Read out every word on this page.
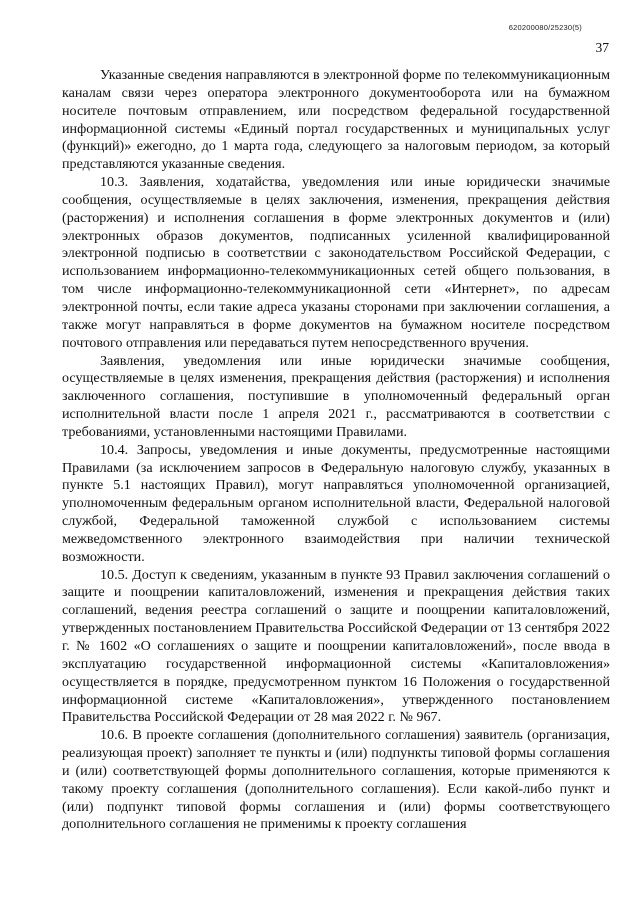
620200080/25230(5)
37

Указанные сведения направляются в электронной форме по телекоммуникационным каналам связи через оператора электронного документооборота или на бумажном носителе почтовым отправлением, или посредством федеральной государственной информационной системы «Единый портал государственных и муниципальных услуг (функций)» ежегодно, до 1 марта года, следующего за налоговым периодом, за который представляются указанные сведения.

10.3. Заявления, ходатайства, уведомления или иные юридически значимые сообщения, осуществляемые в целях заключения, изменения, прекращения действия (расторжения) и исполнения соглашения в форме электронных документов и (или) электронных образов документов, подписанных усиленной квалифицированной электронной подписью в соответствии с законодательством Российской Федерации, с использованием информационно-телекоммуникационных сетей общего пользования, в том числе информационно-телекоммуникационной сети «Интернет», по адресам электронной почты, если такие адреса указаны сторонами при заключении соглашения, а также могут направляться в форме документов на бумажном носителе посредством почтового отправления или передаваться путем непосредственного вручения.

Заявления, уведомления или иные юридически значимые сообщения, осуществляемые в целях изменения, прекращения действия (расторжения) и исполнения заключенного соглашения, поступившие в уполномоченный федеральный орган исполнительной власти после 1 апреля 2021 г., рассматриваются в соответствии с требованиями, установленными настоящими Правилами.

10.4. Запросы, уведомления и иные документы, предусмотренные настоящими Правилами (за исключением запросов в Федеральную налоговую службу, указанных в пункте 5.1 настоящих Правил), могут направляться уполномоченной организацией, уполномоченным федеральным органом исполнительной власти, Федеральной налоговой службой, Федеральной таможенной службой с использованием системы межведомственного электронного взаимодействия при наличии технической возможности.

10.5. Доступ к сведениям, указанным в пункте 93 Правил заключения соглашений о защите и поощрении капиталовложений, изменения и прекращения действия таких соглашений, ведения реестра соглашений о защите и поощрении капиталовложений, утвержденных постановлением Правительства Российской Федерации от 13 сентября 2022 г. № 1602 «О соглашениях о защите и поощрении капиталовложений», после ввода в эксплуатацию государственной информационной системы «Капиталовложения» осуществляется в порядке, предусмотренном пунктом 16 Положения о государственной информационной системе «Капиталовложения», утвержденного постановлением Правительства Российской Федерации от 28 мая 2022 г. № 967.

10.6. В проекте соглашения (дополнительного соглашения) заявитель (организация, реализующая проект) заполняет те пункты и (или) подпункты типовой формы соглашения и (или) соответствующей формы дополнительного соглашения, которые применяются к такому проекту соглашения (дополнительного соглашения). Если какой-либо пункт и (или) подпункт типовой формы соглашения и (или) формы соответствующего дополнительного соглашения не применимы к проекту соглашения
